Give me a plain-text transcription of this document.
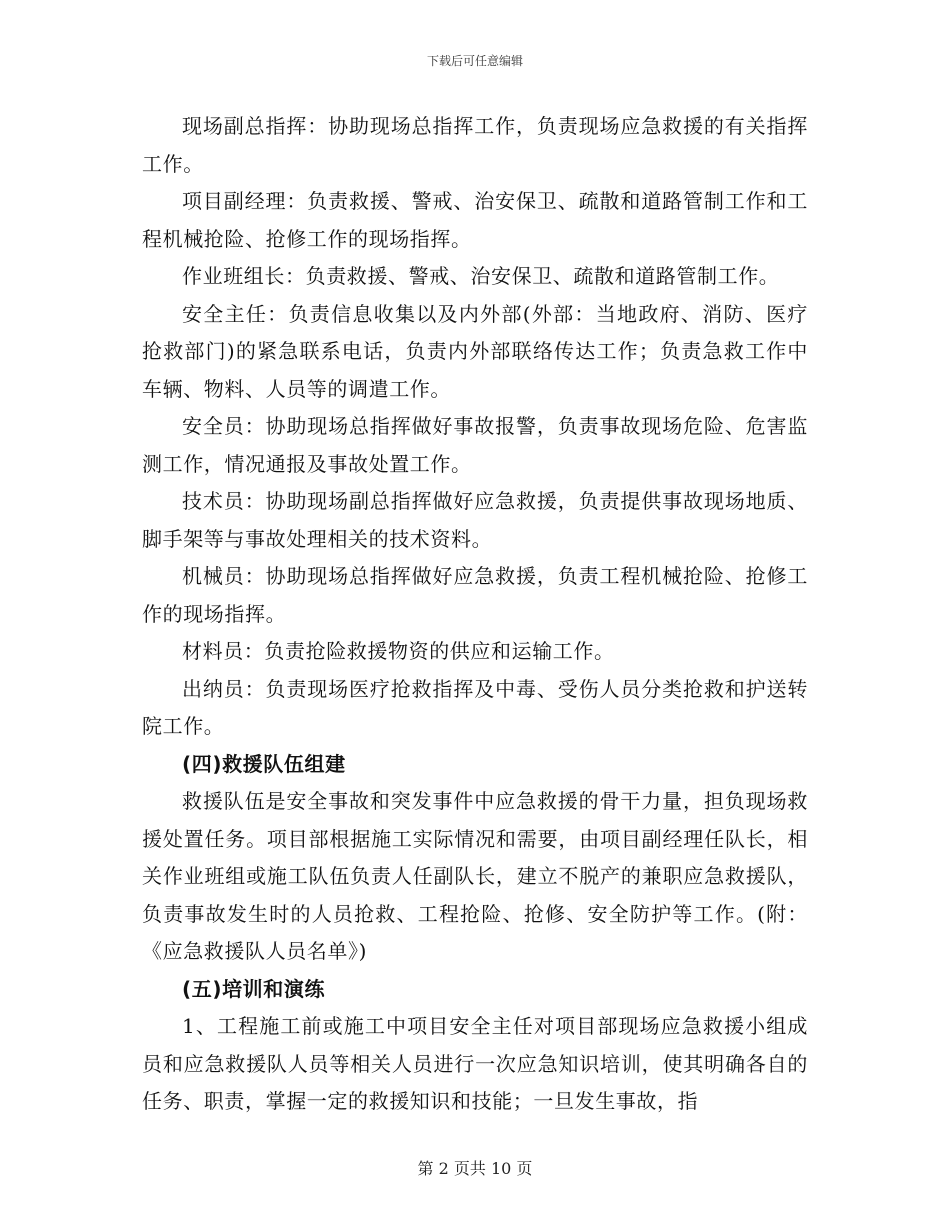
下载后可任意编辑

现场副总指挥：协助现场总指挥工作，负责现场应急救援的有关指挥工作。

项目副经理：负责救援、警戒、治安保卫、疏散和道路管制工作和工程机械抢险、抢修工作的现场指挥。

作业班组长：负责救援、警戒、治安保卫、疏散和道路管制工作。

安全主任：负责信息收集以及内外部(外部：当地政府、消防、医疗抢救部门)的紧急联系电话，负责内外部联络传达工作；负责急救工作中车辆、物料、人员等的调遣工作。

安全员：协助现场总指挥做好事故报警，负责事故现场危险、危害监测工作，情况通报及事故处置工作。

技术员：协助现场副总指挥做好应急救援，负责提供事故现场地质、脚手架等与事故处理相关的技术资料。

机械员：协助现场总指挥做好应急救援，负责工程机械抢险、抢修工作的现场指挥。

材料员：负责抢险救援物资的供应和运输工作。

出纳员：负责现场医疗抢救指挥及中毒、受伤人员分类抢救和护送转院工作。

(四)救援队伍组建

救援队伍是安全事故和突发事件中应急救援的骨干力量，担负现场救援处置任务。项目部根据施工实际情况和需要，由项目副经理任队长，相关作业班组或施工队伍负责人任副队长，建立不脱产的兼职应急救援队，负责事故发生时的人员抢救、工程抢险、抢修、安全防护等工作。(附：《应急救援队人员名单》)

(五)培训和演练

1、工程施工前或施工中项目安全主任对项目部现场应急救援小组成员和应急救援队人员等相关人员进行一次应急知识培训，使其明确各自的任务、职责，掌握一定的救援知识和技能；一旦发生事故，指

第 2 页共 10 页
